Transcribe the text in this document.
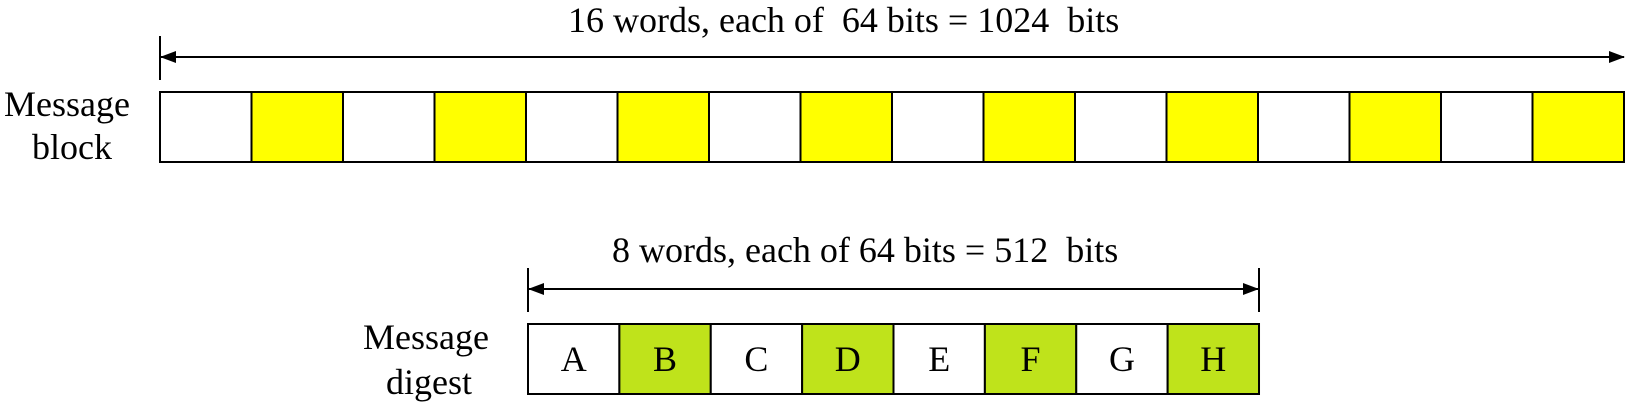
16 words, each of  64 bits = 1024  bits
Message
block
8 words, each of 64 bits = 512  bits
Message
digest
A B C D E F G H
